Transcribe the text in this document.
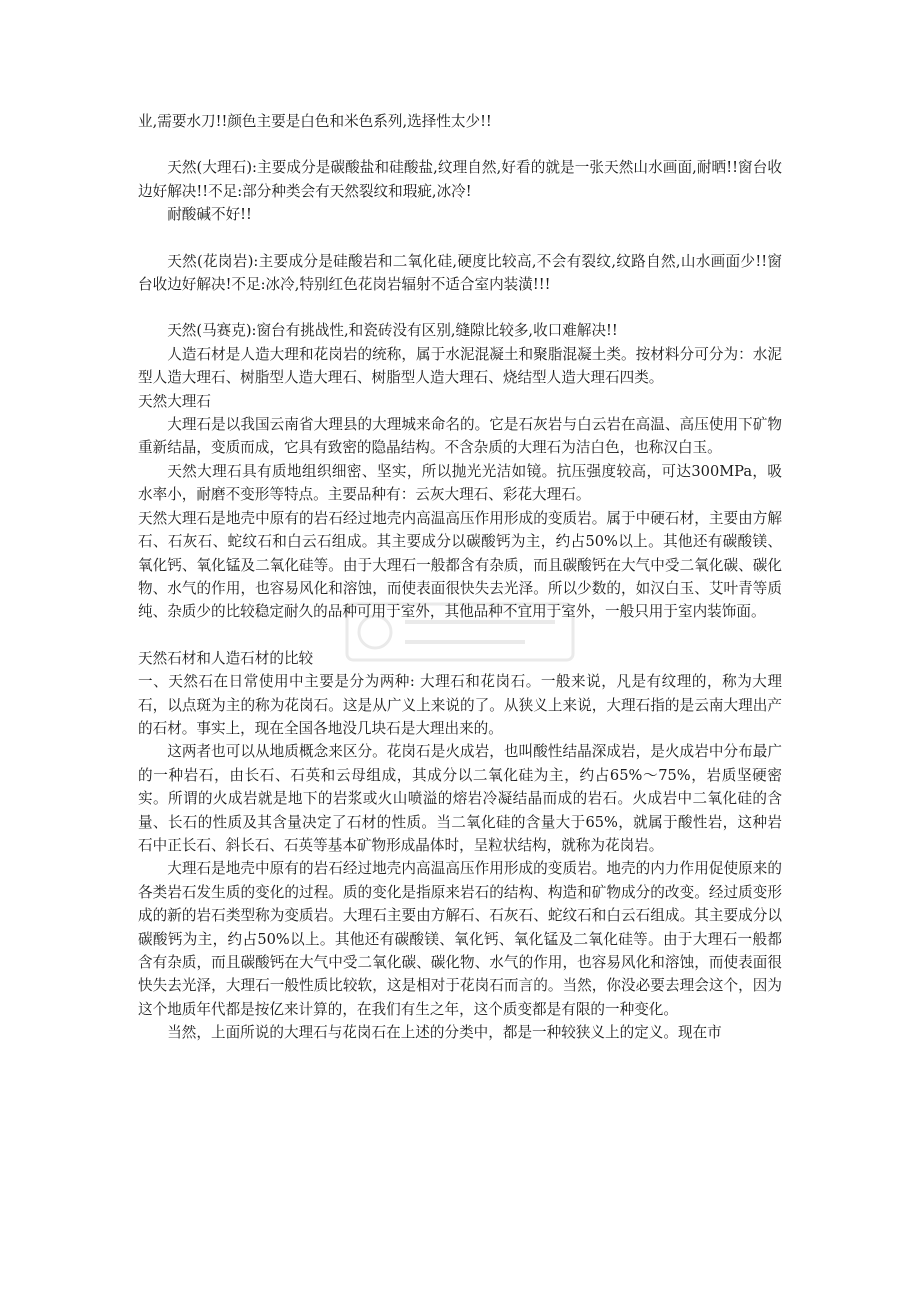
业,需要水刀!!颜色主要是白色和米色系列,选择性太少!!

天然(大理石):主要成分是碳酸盐和硅酸盐,纹理自然,好看的就是一张天然山水画面,耐晒!!窗台收边好解决!!不足:部分种类会有天然裂纹和瑕疵,冰冷!

耐酸碱不好!!

天然(花岗岩):主要成分是硅酸岩和二氧化硅,硬度比较高,不会有裂纹,纹路自然,山水画面少!!窗台收边好解决!不足:冰冷,特别红色花岗岩辐射不适合室内装潢!!!

天然(马赛克):窗台有挑战性,和瓷砖没有区别,缝隙比较多,收口难解决!!

人造石材是人造大理和花岗岩的统称，属于水泥混凝土和聚脂混凝土类。按材料分可分为：水泥型人造大理石、树脂型人造大理石、树脂型人造大理石、烧结型人造大理石四类。

天然大理石

大理石是以我国云南省大理县的大理城来命名的。它是石灰岩与白云岩在高温、高压使用下矿物重新结晶，变质而成，它具有致密的隐晶结构。不含杂质的大理石为洁白色，也称汉白玉。

天然大理石具有质地组织细密、坚实，所以抛光光洁如镜。抗压强度较高，可达300MPa，吸水率小，耐磨不变形等特点。主要品种有：云灰大理石、彩花大理石。

天然大理石是地壳中原有的岩石经过地壳内高温高压作用形成的变质岩。属于中硬石材，主要由方解石、石灰石、蛇纹石和白云石组成。其主要成分以碳酸钙为主，约占50%以上。其他还有碳酸镁、氧化钙、氧化锰及二氧化硅等。由于大理石一般都含有杂质，而且碳酸钙在大气中受二氧化碳、碳化物、水气的作用，也容易风化和溶蚀，而使表面很快失去光泽。所以少数的，如汉白玉、艾叶青等质纯、杂质少的比较稳定耐久的品种可用于室外，其他品种不宜用于室外，一般只用于室内装饰面。

天然石材和人造石材的比较

一、天然石在日常使用中主要是分为两种: 大理石和花岗石。一般来说，凡是有纹理的，称为大理石，以点斑为主的称为花岗石。这是从广义上来说的了。从狭义上来说，大理石指的是云南大理出产的石材。事实上，现在全国各地没几块石是大理出来的。

这两者也可以从地质概念来区分。花岗石是火成岩，也叫酸性结晶深成岩，是火成岩中分布最广的一种岩石，由长石、石英和云母组成，其成分以二氧化硅为主，约占65%～75%，岩质坚硬密实。所谓的火成岩就是地下的岩浆或火山喷溢的熔岩冷凝结晶而成的岩石。火成岩中二氧化硅的含量、长石的性质及其含量决定了石材的性质。当二氧化硅的含量大于65%，就属于酸性岩，这种岩石中正长石、斜长石、石英等基本矿物形成晶体时，呈粒状结构，就称为花岗岩。

大理石是地壳中原有的岩石经过地壳内高温高压作用形成的变质岩。地壳的内力作用促使原来的各类岩石发生质的变化的过程。质的变化是指原来岩石的结构、构造和矿物成分的改变。经过质变形成的新的岩石类型称为变质岩。大理石主要由方解石、石灰石、蛇纹石和白云石组成。其主要成分以碳酸钙为主，约占50%以上。其他还有碳酸镁、氧化钙、氧化锰及二氧化硅等。由于大理石一般都含有杂质，而且碳酸钙在大气中受二氧化碳、碳化物、水气的作用，也容易风化和溶蚀，而使表面很快失去光泽，大理石一般性质比较软，这是相对于花岗石而言的。当然，你没必要去理会这个，因为这个地质年代都是按亿来计算的，在我们有生之年，这个质变都是有限的一种变化。

当然，上面所说的大理石与花岗石在上述的分类中，都是一种较狭义上的定义。现在市
